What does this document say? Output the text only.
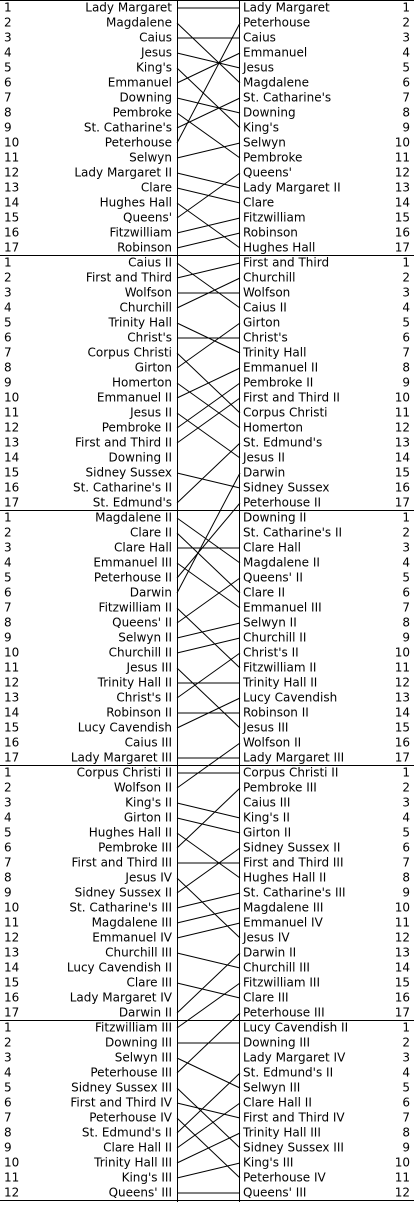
1	Lady Margaret	Lady Margaret	1
2	Magdalene	Peterhouse	2
3	Caius	Caius	3
4	Jesus	Emmanuel	4
5	King's	Jesus	5
6	Emmanuel	Magdalene	6
7	Downing	St. Catharine's	7
8	Pembroke	Downing	8
9	St. Catharine's	King's	9
10	Peterhouse	Selwyn	10
11	Selwyn	Pembroke	11
12	Lady Margaret II	Queens'	12
13	Clare	Lady Margaret II	13
14	Hughes Hall	Clare	14
15	Queens'	Fitzwilliam	15
16	Fitzwilliam	Robinson	16
17	Robinson	Hughes Hall	17
1	Caius II	First and Third	1
2	First and Third	Churchill	2
3	Wolfson	Wolfson	3
4	Churchill	Caius II	4
5	Trinity Hall	Girton	5
6	Christ's	Christ's	6
7	Corpus Christi	Trinity Hall	7
8	Girton	Emmanuel II	8
9	Homerton	Pembroke II	9
10	Emmanuel II	First and Third II	10
11	Jesus II	Corpus Christi	11
12	Pembroke II	Homerton	12
13	First and Third II	St. Edmund's	13
14	Downing II	Jesus II	14
15	Sidney Sussex	Darwin	15
16	St. Catharine's II	Sidney Sussex	16
17	St. Edmund's	Peterhouse II	17
1	Magdalene II	Downing II	1
2	Clare II	St. Catharine's II	2
3	Clare Hall	Clare Hall	3
4	Emmanuel III	Magdalene II	4
5	Peterhouse II	Queens' II	5
6	Darwin	Clare II	6
7	Fitzwilliam II	Emmanuel III	7
8	Queens' II	Selwyn II	8
9	Selwyn II	Churchill II	9
10	Churchill II	Christ's II	10
11	Jesus III	Fitzwilliam II	11
12	Trinity Hall II	Trinity Hall II	12
13	Christ's II	Lucy Cavendish	13
14	Robinson II	Robinson II	14
15	Lucy Cavendish	Jesus III	15
16	Caius III	Wolfson II	16
17	Lady Margaret III	Lady Margaret III	17
1	Corpus Christi II	Corpus Christi II	1
2	Wolfson II	Pembroke III	2
3	King's II	Caius III	3
4	Girton II	King's II	4
5	Hughes Hall II	Girton II	5
6	Pembroke III	Sidney Sussex II	6
7	First and Third III	First and Third III	7
8	Jesus IV	Hughes Hall II	8
9	Sidney Sussex II	St. Catharine's III	9
10	St. Catharine's III	Magdalene III	10
11	Magdalene III	Emmanuel IV	11
12	Emmanuel IV	Jesus IV	12
13	Churchill III	Darwin II	13
14	Lucy Cavendish II	Churchill III	14
15	Clare III	Fitzwilliam III	15
16	Lady Margaret IV	Clare III	16
17	Darwin II	Peterhouse III	17
1	Fitzwilliam III	Lucy Cavendish II	1
2	Downing III	Downing III	2
3	Selwyn III	Lady Margaret IV	3
4	Peterhouse III	St. Edmund's II	4
5	Sidney Sussex III	Selwyn III	5
6	First and Third IV	Clare Hall II	6
7	Peterhouse IV	First and Third IV	7
8	St. Edmund's II	Trinity Hall III	8
9	Clare Hall II	Sidney Sussex III	9
10	Trinity Hall III	King's III	10
11	King's III	Peterhouse IV	11
12	Queens' III	Queens' III	12
